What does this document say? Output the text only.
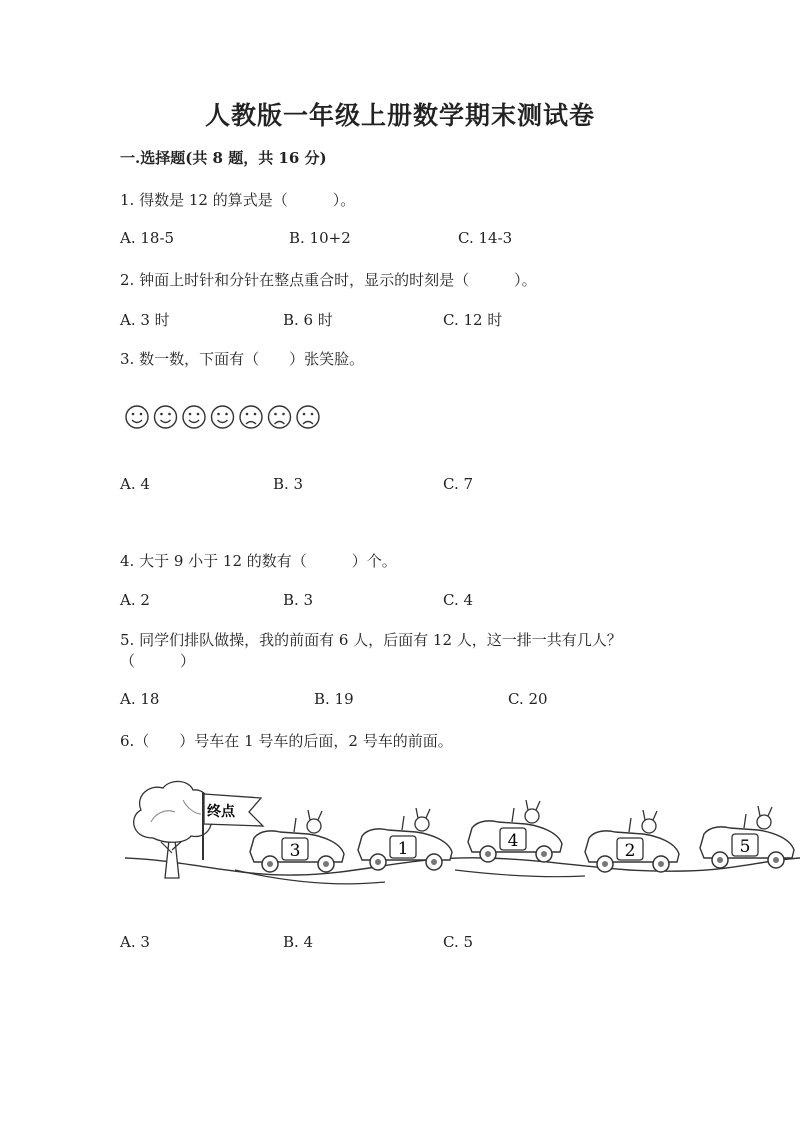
人教版一年级上册数学期末测试卷
一.选择题(共 8 题，共 16 分)
1. 得数是 12 的算式是（　　　）。
A. 18-5	B. 10+2	C. 14-3
2. 钟面上时针和分针在整点重合时，显示的时刻是（　　　）。
A. 3 时	B. 6 时	C. 12 时
3. 数一数，下面有（　　）张笑脸。
A. 4	B. 3	C. 7
4. 大于 9 小于 12 的数有（　　　）个。
A. 2	B. 3	C. 4
5. 同学们排队做操，我的前面有 6 人，后面有 12 人，这一排一共有几人？
（　　　）
A. 18	B. 19	C. 20
6.（　　）号车在 1 号车的后面，2 号车的前面。
终点
3	1	4	2	5
A. 3	B. 4	C. 5
